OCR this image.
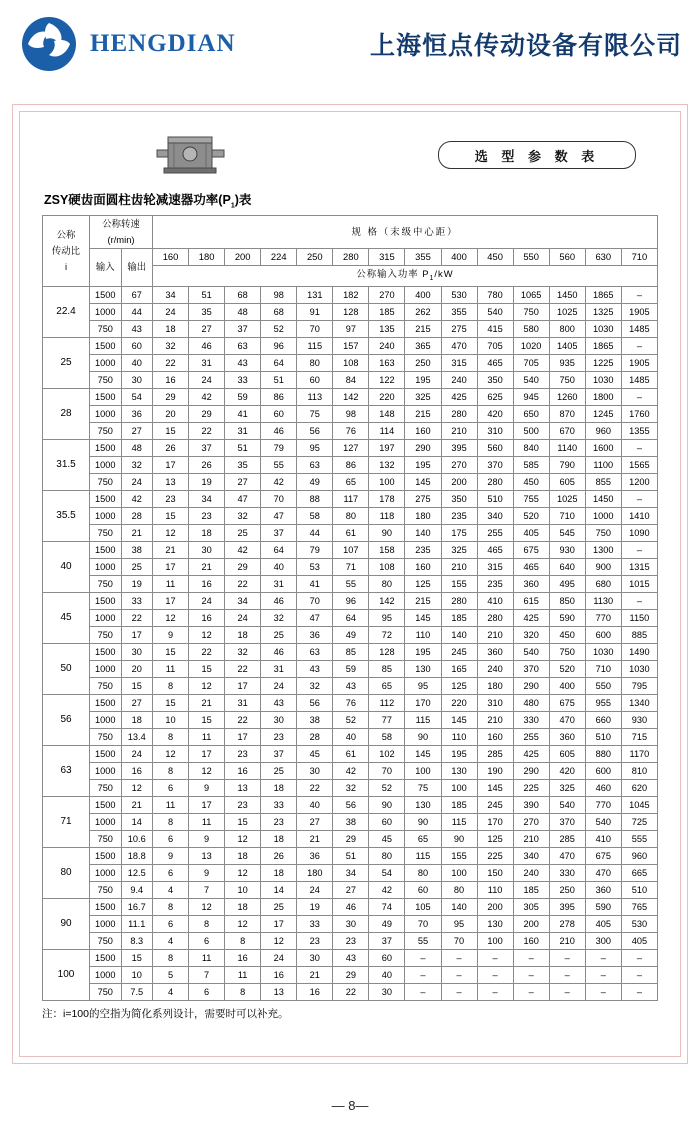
HENGDIAN	上海恒点传动设备有限公司
选 型 参 数 表
ZSY硬齿面圆柱齿轮减速器功率$(P_1)$表
公称
传动比
i

公称转速
(r/min)
	规 格（末级中心距）
	输入	输出	160	180	200	224	250	280	315	355	400	450	550	560	630	710
			公称输入功率 $P_1/kW$													
22.4	1500	67	34	51	68	98	131	182	270	400	530	780	1065	1450	1865	–
	1000	44	24	35	48	68	91	128	185	262	355	540	750	1025	1325	1905
	750	43	18	27	37	52	70	97	135	215	275	415	580	800	1030	1485
25	1500	60	32	46	63	96	115	157	240	365	470	705	1020	1405	1865	–
	1000	40	22	31	43	64	80	108	163	250	315	465	705	935	1225	1905
	750	30	16	24	33	51	60	84	122	195	240	350	540	750	1030	1485
28	1500	54	29	42	59	86	113	142	220	325	425	625	945	1260	1800	–
	1000	36	20	29	41	60	75	98	148	215	280	420	650	870	1245	1760
	750	27	15	22	31	46	56	76	114	160	210	310	500	670	960	1355
31.5	1500	48	26	37	51	79	95	127	197	290	395	560	840	1140	1600	–
	1000	32	17	26	35	55	63	86	132	195	270	370	585	790	1100	1565
	750	24	13	19	27	42	49	65	100	145	200	280	450	605	855	1200
35.5	1500	42	23	34	47	70	88	117	178	275	350	510	755	1025	1450	–
	1000	28	15	23	32	47	58	80	118	180	235	340	520	710	1000	1410
	750	21	12	18	25	37	44	61	90	140	175	255	405	545	750	1090
40	1500	38	21	30	42	64	79	107	158	235	325	465	675	930	1300	–
	1000	25	17	21	29	40	53	71	108	160	210	315	465	640	900	1315
	750	19	11	16	22	31	41	55	80	125	155	235	360	495	680	1015
45	1500	33	17	24	34	46	70	96	142	215	280	410	615	850	1130	–
	1000	22	12	16	24	32	47	64	95	145	185	280	425	590	770	1150
	750	17	9	12	18	25	36	49	72	110	140	210	320	450	600	885
50	1500	30	15	22	32	46	63	85	128	195	245	360	540	750	1030	1490
	1000	20	11	15	22	31	43	59	85	130	165	240	370	520	710	1030
	750	15	8	12	17	24	32	43	65	95	125	180	290	400	550	795
56	1500	27	15	21	31	43	56	76	112	170	220	310	480	675	955	1340
	1000	18	10	15	22	30	38	52	77	115	145	210	330	470	660	930
	750	13.4	8	11	17	23	28	40	58	90	110	160	255	360	510	715
63	1500	24	12	17	23	37	45	61	102	145	195	285	425	605	880	1170
	1000	16	8	12	16	25	30	42	70	100	130	190	290	420	600	810
	750	12	6	9	13	18	22	32	52	75	100	145	225	325	460	620
71	1500	21	11	17	23	33	40	56	90	130	185	245	390	540	770	1045
	1000	14	8	11	15	23	27	38	60	90	115	170	270	370	540	725
	750	10.6	6	9	12	18	21	29	45	65	90	125	210	285	410	555
80	1500	18.8	9	13	18	26	36	51	80	115	155	225	340	470	675	960
	1000	12.5	6	9	12	18	180	34	54	80	100	150	240	330	470	665
	750	9.4	4	7	10	14	24	27	42	60	80	110	185	250	360	510
90	1500	16.7	8	12	18	25	19	46	74	105	140	200	305	395	590	765
	1000	11.1	6	8	12	17	33	30	49	70	95	130	200	278	405	530
	750	8.3	4	6	8	12	23	23	37	55	70	100	160	210	300	405
100	1500	15	8	11	16	24	30	43	60	–	–	–	–	–	–	–
	1000	10	5	7	11	16	21	29	40	–	–	–	–	–	–	–
	750	7.5	4	6	8	13	16	22	30	–	–	–	–	–	–	–
注：i=100的空指为简化系列设计，需要时可以补充。
— 8—
